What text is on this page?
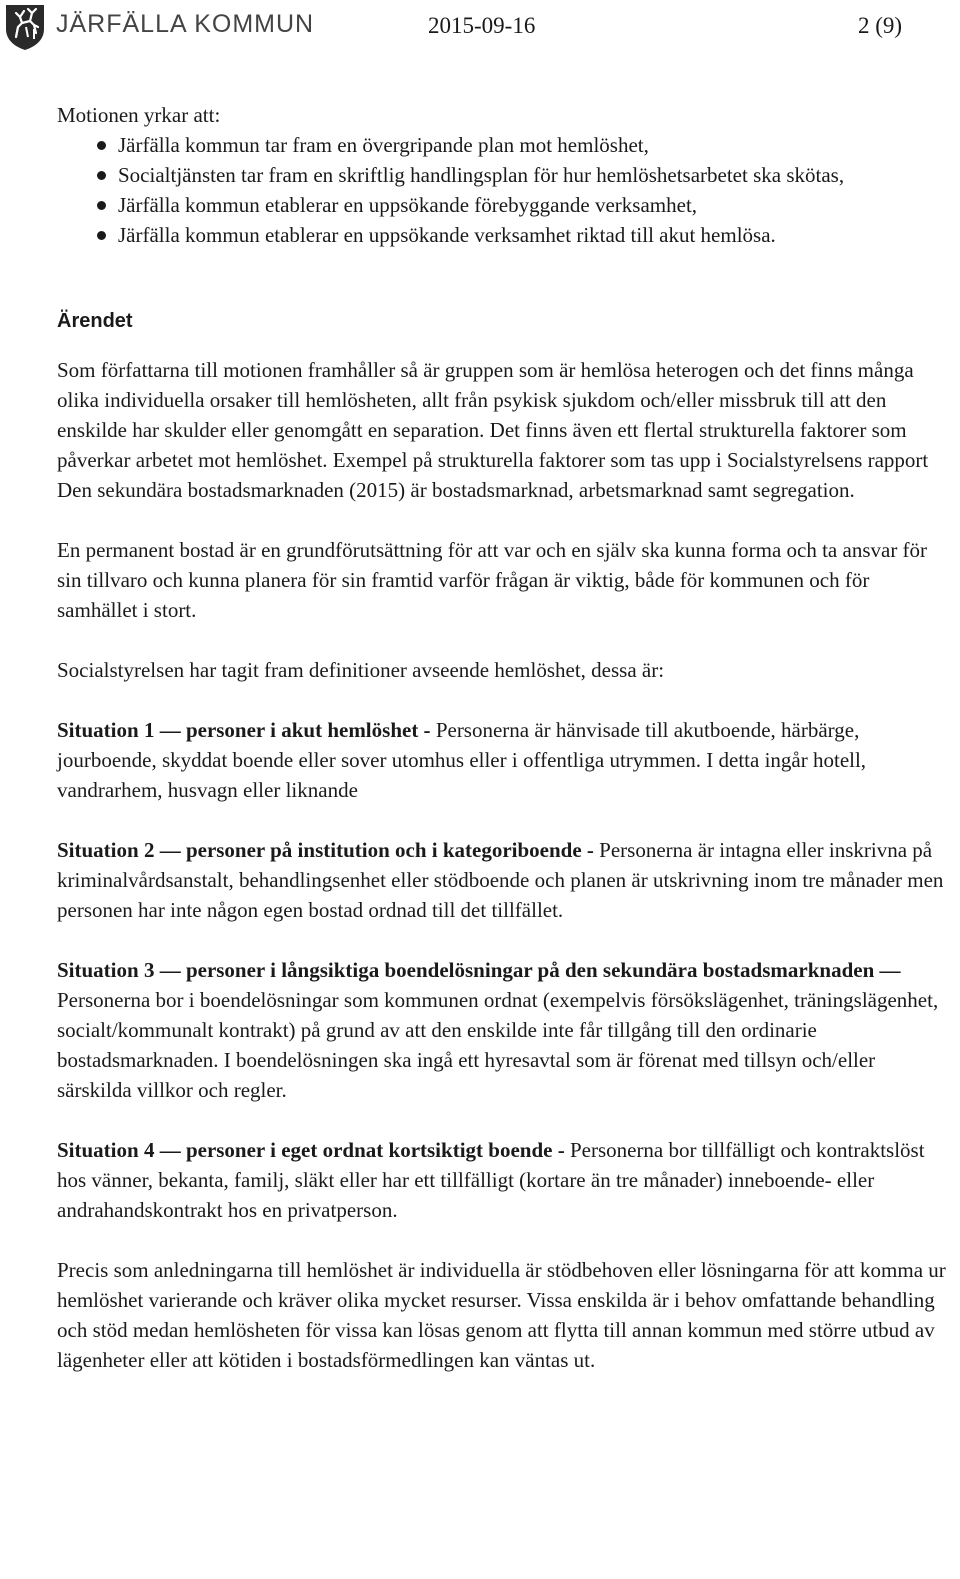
JÄRFÄLLA KOMMUN	2015-09-16	2 (9)

Motionen yrkar att:

Järfälla kommun tar fram en övergripande plan mot hemlöshet,
Socialtjänsten tar fram en skriftlig handlingsplan för hur hemlöshetsarbetet ska skötas,
Järfälla kommun etablerar en uppsökande förebyggande verksamhet,
Järfälla kommun etablerar en uppsökande verksamhet riktad till akut hemlösa.
Ärendet

Som författarna till motionen framhåller så är gruppen som är hemlösa heterogen och det finns många olika individuella orsaker till hemlösheten, allt från psykisk sjukdom och/eller missbruk till att den enskilde har skulder eller genomgått en separation. Det finns även ett flertal strukturella faktorer som påverkar arbetet mot hemlöshet. Exempel på strukturella faktorer som tas upp i Socialstyrelsens rapport Den sekundära bostadsmarknaden (2015) är bostadsmarknad, arbetsmarknad samt segregation.

En permanent bostad är en grundförutsättning för att var och en själv ska kunna forma och ta ansvar för sin tillvaro och kunna planera för sin framtid varför frågan är viktig, både för kommunen och för samhället i stort.

Socialstyrelsen har tagit fram definitioner avseende hemlöshet, dessa är:

Situation 1 — personer i akut hemlöshet - Personerna är hänvisade till akutboende, härbärge, jourboende, skyddat boende eller sover utomhus eller i offentliga utrymmen. I detta ingår hotell, vandrarhem, husvagn eller liknande

Situation 2 — personer på institution och i kategoriboende - Personerna är intagna eller inskrivna på kriminalvårdsanstalt, behandlingsenhet eller stödboende och planen är utskrivning inom tre månader men personen har inte någon egen bostad ordnad till det tillfället.

Situation 3 — personer i långsiktiga boendelösningar på den sekundära bostadsmarknaden — Personerna bor i boendelösningar som kommunen ordnat (exempelvis försökslägenhet, träningslägenhet, socialt/kommunalt kontrakt) på grund av att den enskilde inte får tillgång till den ordinarie bostadsmarknaden. I boendelösningen ska ingå ett hyresavtal som är förenat med tillsyn och/eller särskilda villkor och regler.

Situation 4 — personer i eget ordnat kortsiktigt boende - Personerna bor tillfälligt och kontraktslöst hos vänner, bekanta, familj, släkt eller har ett tillfälligt (kortare än tre månader) inneboende- eller andrahandskontrakt hos en privatperson.

Precis som anledningarna till hemlöshet är individuella är stödbehoven eller lösningarna för att komma ur hemlöshet varierande och kräver olika mycket resurser. Vissa enskilda är i behov omfattande behandling och stöd medan hemlösheten för vissa kan lösas genom att flytta till annan kommun med större utbud av lägenheter eller att kötiden i bostadsförmedlingen kan väntas ut.
